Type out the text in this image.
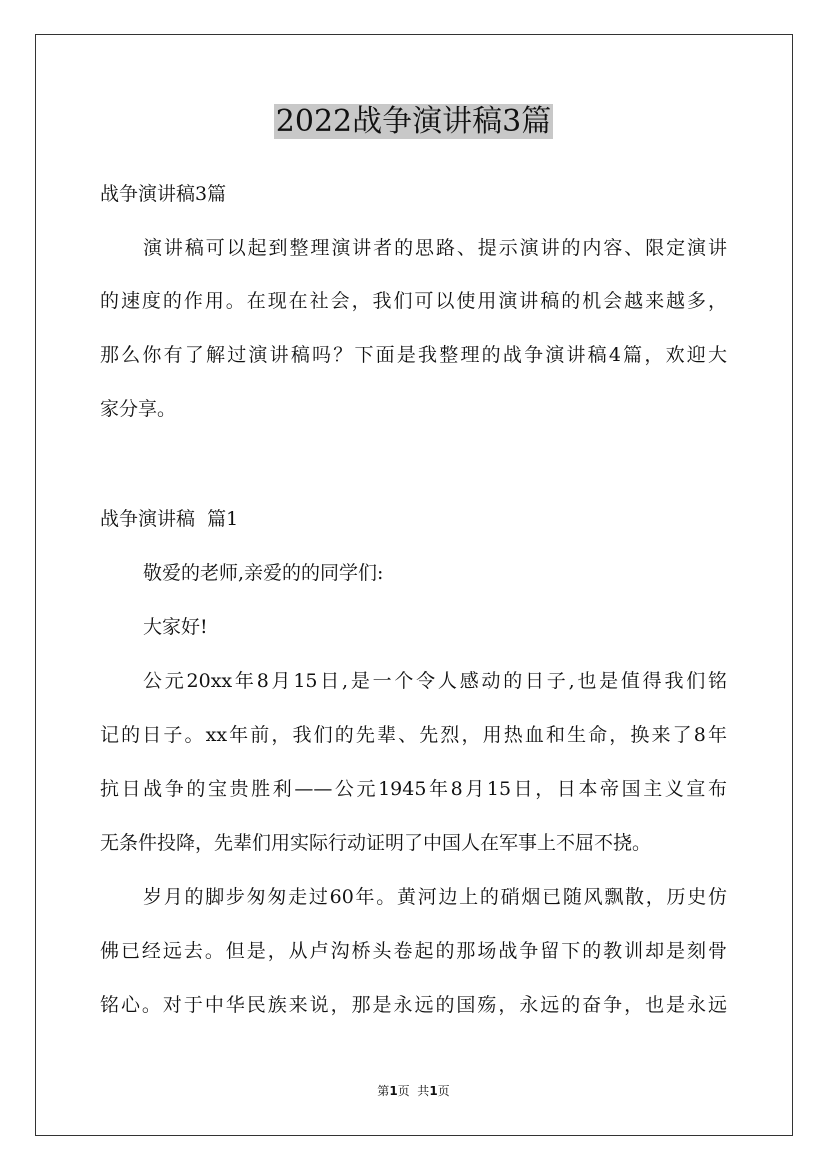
2022战争演讲稿3篇
战争演讲稿3篇
演讲稿可以起到整理演讲者的思路、提示演讲的内容、限定演讲
的速度的作用。在现在社会，我们可以使用演讲稿的机会越来越多，
那么你有了解过演讲稿吗？下面是我整理的战争演讲稿4篇，欢迎大
家分享。
战争演讲稿  篇1
敬爱的老师,亲爱的的同学们:
大家好!
公元20xx年8月15日,是一个令人感动的日子,也是值得我们铭
记的日子。xx年前，我们的先辈、先烈，用热血和生命，换来了8年
抗日战争的宝贵胜利——公元1945年8月15日，日本帝国主义宣布
无条件投降，先辈们用实际行动证明了中国人在军事上不屈不挠。
岁月的脚步匆匆走过60年。黄河边上的硝烟已随风飘散，历史仿
佛已经远去。但是，从卢沟桥头卷起的那场战争留下的教训却是刻骨
铭心。对于中华民族来说，那是永远的国殇，永远的奋争，也是永远
第1页  共1页
